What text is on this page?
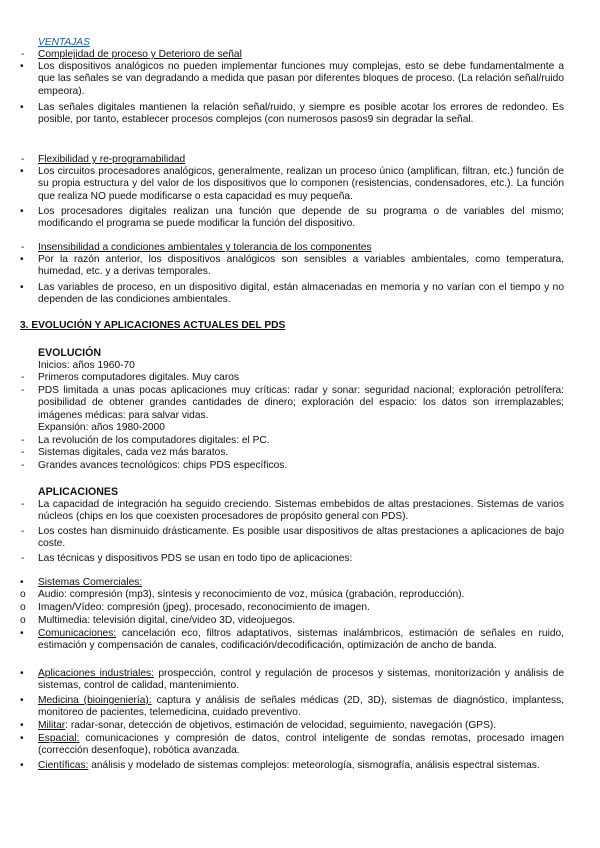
VENTAJAS
- Complejidad de proceso y Deterioro de señal
• Los dispositivos analógicos no pueden implementar funciones muy complejas, esto se debe fundamentalmente a que las señales se van degradando a medida que pasan por diferentes bloques de proceso. (La relación señal/ruido empeora).
• Las señales digitales mantienen la relación señal/ruido, y siempre es posible acotar los errores de redondeo. Es posible, por tanto, establecer procesos complejos (con numerosos pasos9 sin degradar la señal.
- Flexibilidad y re-programabilidad
• Los circuitos procesadores analógicos, generalmente, realizan un proceso único (amplifican, filtran, etc.) función de su propia estructura y del valor de los dispositivos que lo componen (resistencias, condensadores, etc.). La función que realiza NO puede modificarse o esta capacidad es muy pequeña.
• Los procesadores digitales realizan una función que depende de su programa o de variables del mismo; modificando el programa se puede modificar la función del dispositivo.
- Insensibilidad a condiciones ambientales y tolerancia de los componentes
• Por la razón anterior, los dispositivos analógicos son sensibles a variables ambientales, como temperatura, humedad, etc. y a derivas temporales.
• Las variables de proceso, en un dispositivo digital, están almacenadas en memoria y no varían con el tiempo y no dependen de las condiciones ambientales.
3. EVOLUCIÓN Y APLICACIONES ACTUALES DEL PDS
EVOLUCIÓN
Inicios: años 1960-70
- Primeros computadores digitales. Muy caros
- PDS limitada a unas pocas aplicaciones muy críticas: radar y sonar: seguridad nacional; exploración petrolífera: posibilidad de obtener grandes cantidades de dinero; exploración del espacio: los datos son irremplazables; imágenes médicas: para salvar vidas.
Expansión: años 1980-2000
- La revolución de los computadores digitales: el PC.
- Sistemas digitales, cada vez más baratos.
- Grandes avances tecnológicos: chips PDS específicos.
APLICACIONES
- La capacidad de integración ha seguido creciendo. Sistemas embebidos de altas prestaciones. Sistemas de varios núcleos (chips en los que coexisten procesadores de propósito general con PDS).
- Los costes han disminuido drásticamente. Es posible usar dispositivos de altas prestaciones a aplicaciones de bajo coste.
- Las técnicas y dispositivos PDS se usan en todo tipo de aplicaciones:
• Sistemas Comerciales:
o Audio: compresión (mp3), síntesis y reconocimiento de voz, música (grabación, reproducción).
o Imagen/Vídeo: compresión (jpeg), procesado, reconocimiento de imagen.
o Multimedia: televisión digital, cine/video 3D, videojuegos.
• Comunicaciones: cancelación eco, filtros adaptativos, sistemas inalámbricos, estimación de señales en ruido, estimación y compensación de canales, codificación/decodificación, optimización de ancho de banda.
• Aplicaciones industriales: prospección, control y regulación de procesos y sistemas, monitorización y análisis de sistemas, control de calidad, mantenimiento.
• Medicina (bioingeniería): captura y análisis de señales médicas (2D, 3D), sistemas de diagnóstico, implantess, monitoreo de pacientes, telemedicina, cuidado preventivo.
• Militar: radar-sonar, detección de objetivos, estimación de velocidad, seguimiento, navegación (GPS).
• Espacial: comunicaciones y compresión de datos, control inteligente de sondas remotas, procesado imagen (corrección desenfoque), robótica avanzada.
• Científicas: análisis y modelado de sistemas complejos: meteorología, sismografía, análisis espectral sistemas.
